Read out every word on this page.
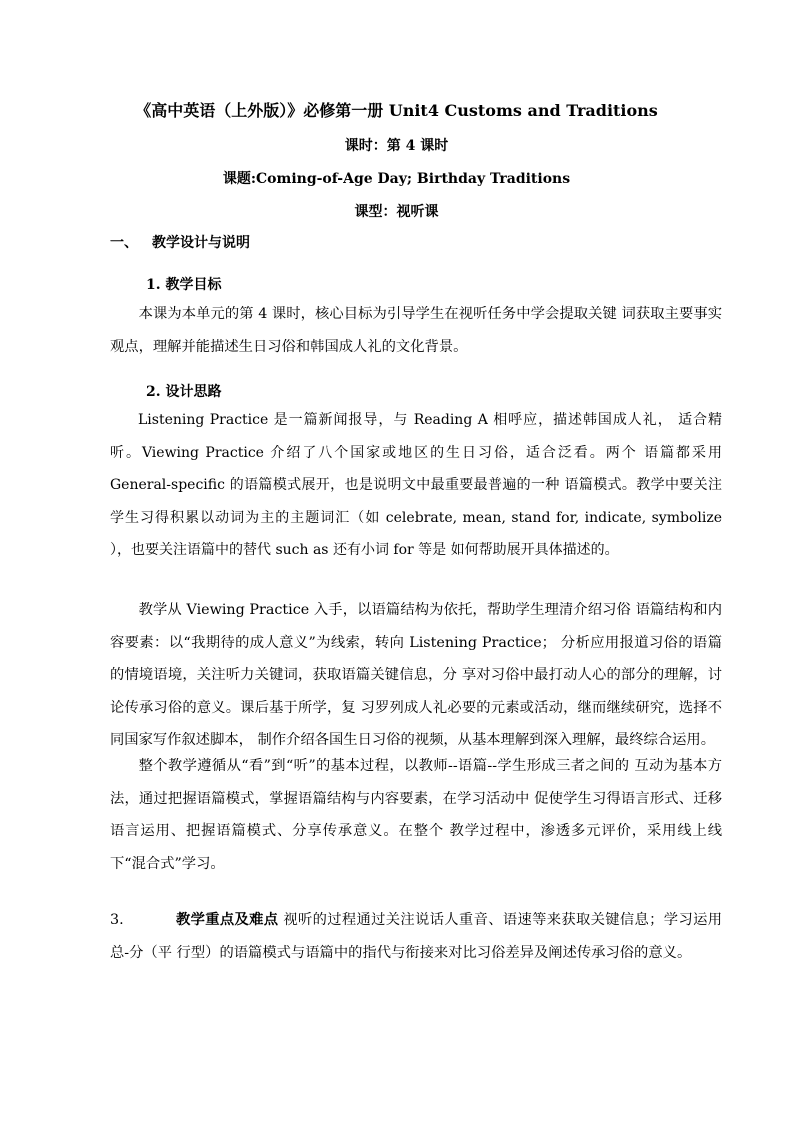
《高中英语（上外版）》必修第一册 Unit4 Customs and Traditions
课时：第 4 课时
课题:Coming-of-Age Day; Birthday Traditions
课型：视听课
一、 教学设计与说明
1. 教学目标
本课为本单元的第 4 课时，核心目标为引导学生在视听任务中学会提取关键 词获取主要事实观点，理解并能描述生日习俗和韩国成人礼的文化背景。
2. 设计思路
Listening Practice 是一篇新闻报导，与 Reading A 相呼应，描述韩国成人礼， 适合精听。Viewing Practice 介绍了八个国家或地区的生日习俗，适合泛看。两个 语篇都采用 General-specific 的语篇模式展开，也是说明文中最重要最普遍的一种 语篇模式。教学中要关注学生习得积累以动词为主的主题词汇（如 celebrate, mean, stand for, indicate, symbolize ），也要关注语篇中的替代 such as 还有小词 for 等是 如何帮助展开具体描述的。
教学从 Viewing Practice 入手，以语篇结构为依托，帮助学生理清介绍习俗 语篇结构和内容要素：以“我期待的成人意义”为线索，转向 Listening Practice； 分析应用报道习俗的语篇的情境语境，关注听力关键词，获取语篇关键信息，分 享对习俗中最打动人心的部分的理解，讨论传承习俗的意义。课后基于所学，复 习罗列成人礼必要的元素或活动，继而继续研究，选择不同国家写作叙述脚本， 制作介绍各国生日习俗的视频，从基本理解到深入理解，最终综合运用。
整个教学遵循从“看”到“听”的基本过程，以教师--语篇--学生形成三者之间的 互动为基本方法，通过把握语篇模式，掌握语篇结构与内容要素，在学习活动中 促使学生习得语言形式、迁移语言运用、把握语篇模式、分享传承意义。在整个 教学过程中，渗透多元评价，采用线上线下“混合式”学习。
3.	教学重点及难点 视听的过程通过关注说话人重音、语速等来获取关键信息；学习运用总-分（平 行型）的语篇模式与语篇中的指代与衔接来对比习俗差异及阐述传承习俗的意义。
